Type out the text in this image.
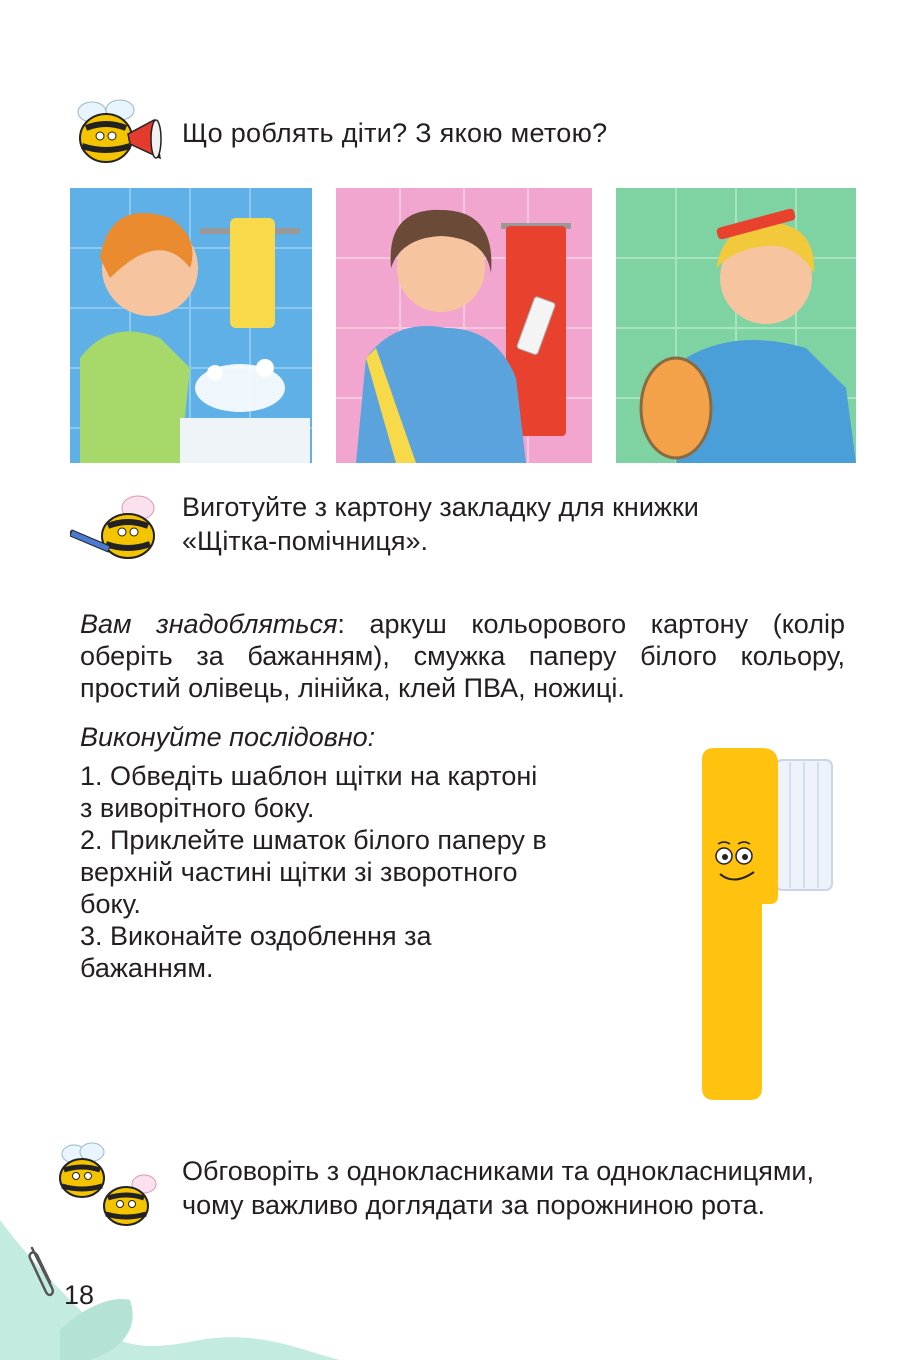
Що роблять діти? З якою метою?
Виготуйте з картону закладку для книжки
«Щітка-помічниця».
Вам знадобляться: аркуш кольорового картону (колір оберіть за бажанням), смужка паперу білого кольору, простий олівець, лінійка, клей ПВА, ножиці.
Виконуйте послідовно:
1. Обведіть шаблон щітки на картоні
з виворітного боку.
2. Приклейте шматок білого паперу в
верхній частині щітки зі зворотного
боку.
3. Виконайте оздоблення за
бажанням.
Обговоріть з однокласниками та однокласницями,
чому важливо доглядати за порожниною рота.
18
